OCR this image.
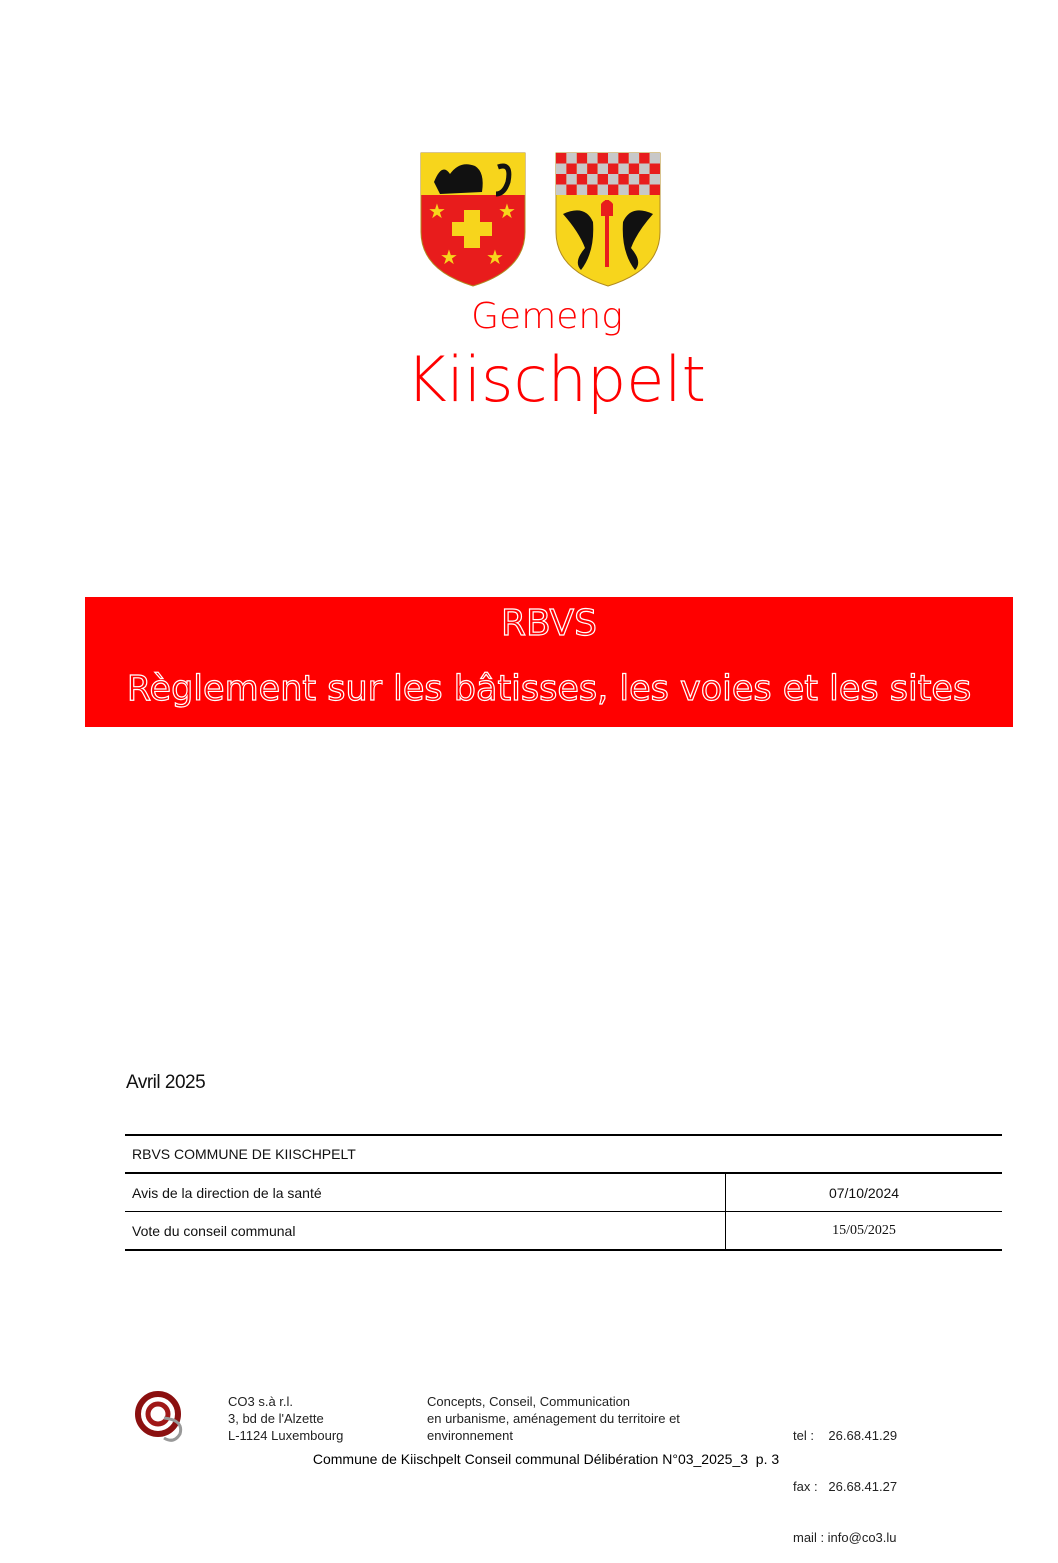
★	★
★ ★
Gemeng
Kiischpelt
RBVS
Règlement sur les bâtisses, les voies et les sites
Avril 2025
RBVS COMMUNE DE KIISCHPELT	
Avis de la direction de la santé	07/10/2024
Vote du conseil communal	15/05/2025
CO3 s.à r.l.
3, bd de l'Alzette
L-1124 Luxembourg
Concepts, Conseil, Communication
en urbanisme, aménagement du territoire et
environnement

	tel :    26.68.41.29

fax :   26.68.41.27

mail : info@co3.lu

Commune de Kiischpelt Conseil communal Délibération N°03_2025_3  p. 3
